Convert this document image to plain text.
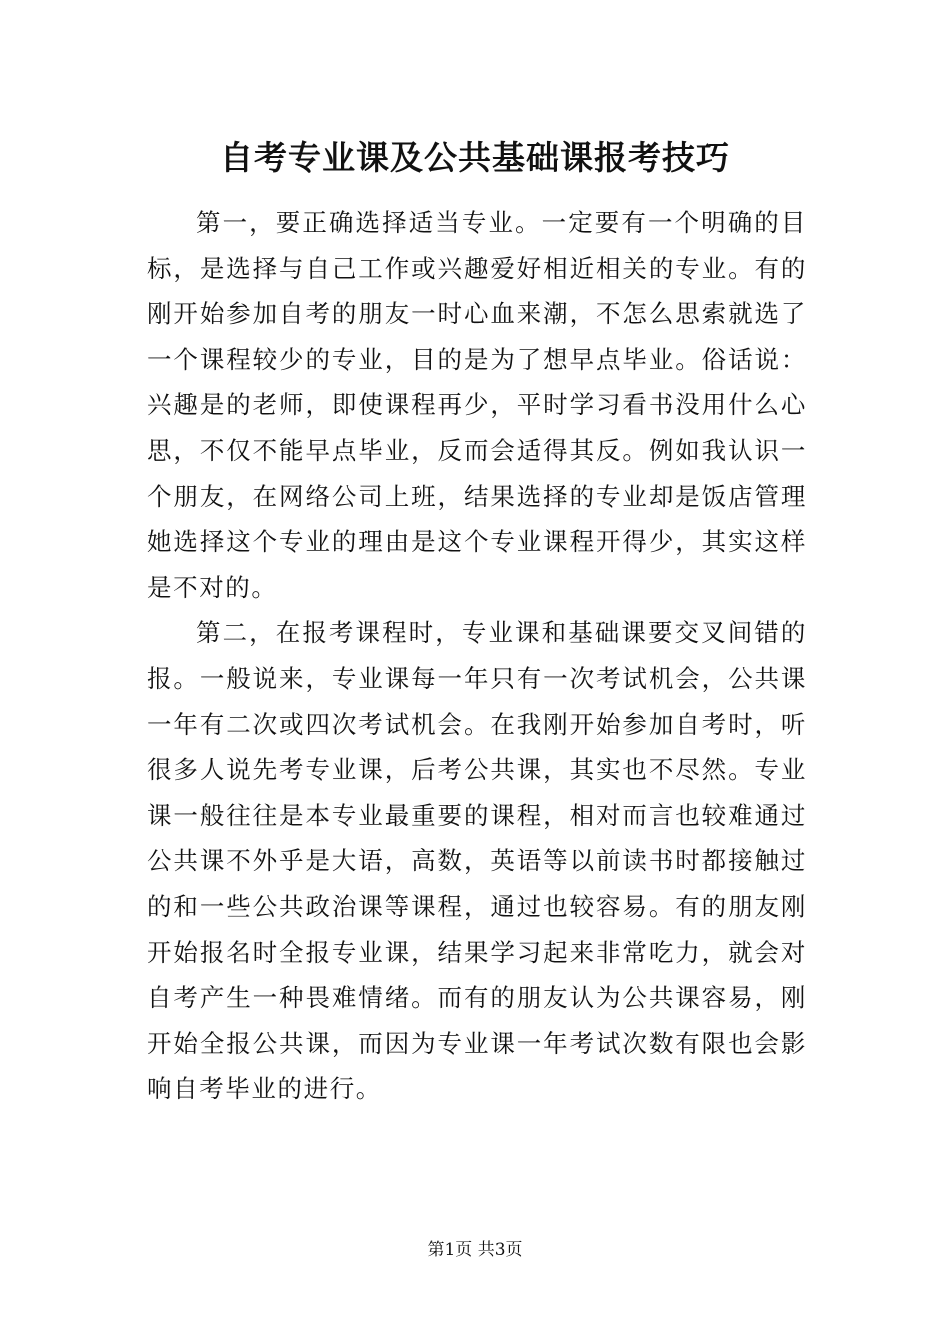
自考专业课及公共基础课报考技巧

第一，要正确选择适当专业。一定要有一个明确的目标，是选择与自己工作或兴趣爱好相近相关的专业。有的刚开始参加自考的朋友一时心血来潮，不怎么思索就选了一个课程较少的专业，目的是为了想早点毕业。俗话说：兴趣是的老师，即使课程再少，平时学习看书没用什么心思，不仅不能早点毕业，反而会适得其反。例如我认识一个朋友，在网络公司上班，结果选择的专业却是饭店管理她选择这个专业的理由是这个专业课程开得少，其实这样是不对的。

第二，在报考课程时，专业课和基础课要交叉间错的报。一般说来，专业课每一年只有一次考试机会，公共课一年有二次或四次考试机会。在我刚开始参加自考时，听很多人说先考专业课，后考公共课，其实也不尽然。专业课一般往往是本专业最重要的课程，相对而言也较难通过公共课不外乎是大语，高数，英语等以前读书时都接触过的和一些公共政治课等课程，通过也较容易。有的朋友刚开始报名时全报专业课，结果学习起来非常吃力，就会对自考产生一种畏难情绪。而有的朋友认为公共课容易，刚开始全报公共课，而因为专业课一年考试次数有限也会影响自考毕业的进行。

第1页 共3页
